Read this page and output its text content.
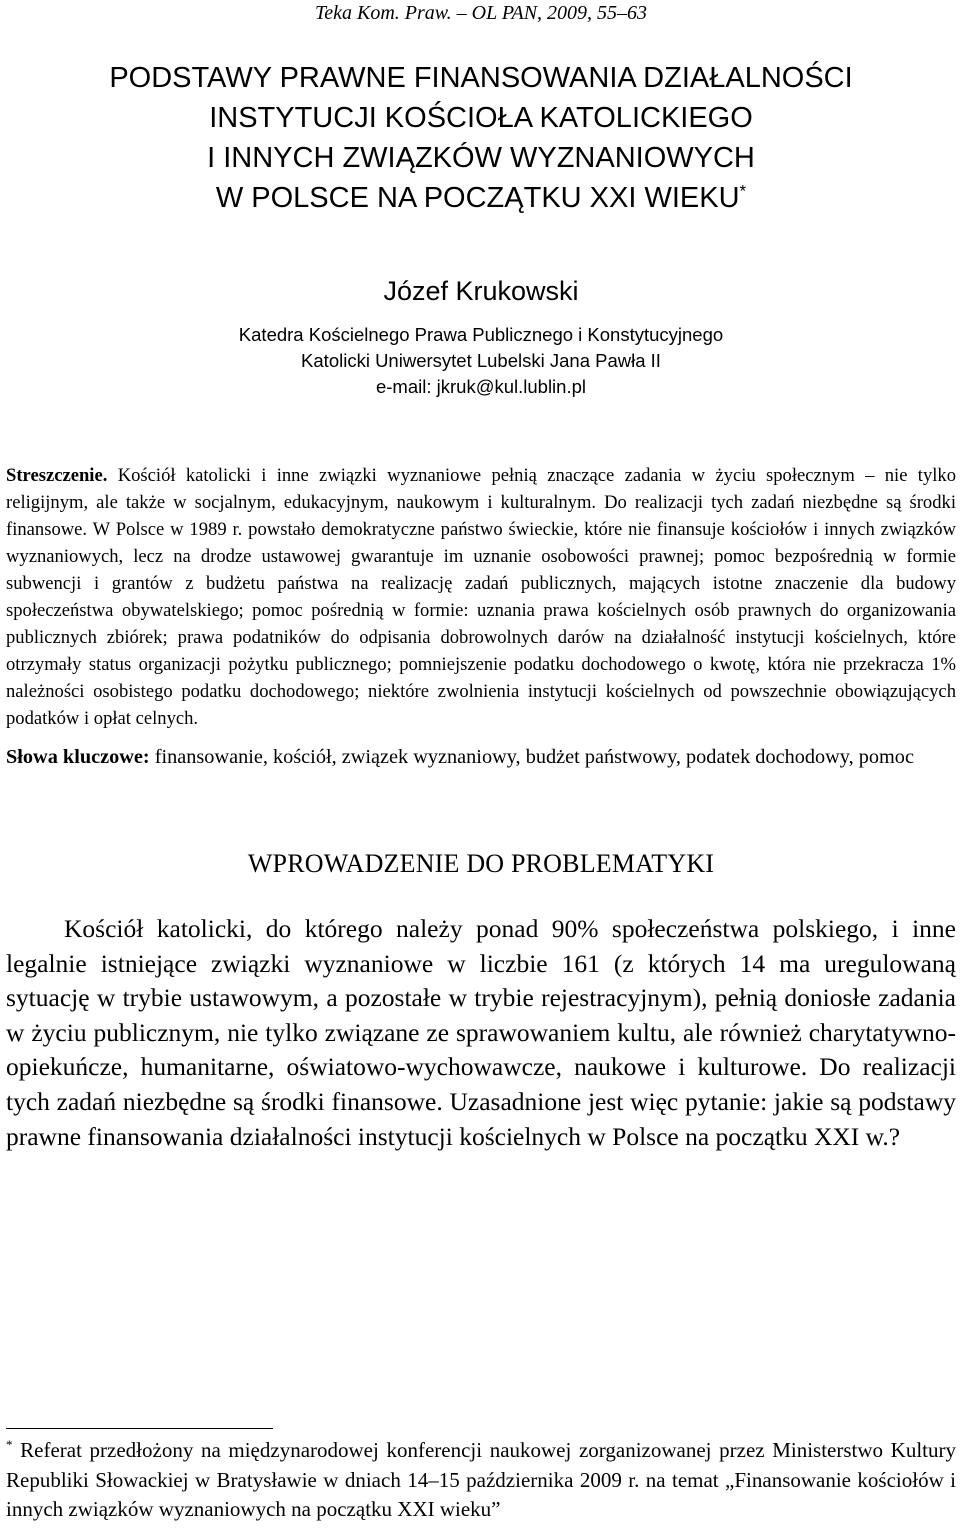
Teka Kom. Praw. – OL PAN, 2009, 55–63
PODSTAWY PRAWNE FINANSOWANIA DZIAŁALNOŚCI
INSTYTUCJI KOŚCIOŁA KATOLICKIEGO
I INNYCH ZWIĄZKÓW WYZNANIOWYCH
W POLSCE NA POCZĄTKU XXI WIEKU*
Józef Krukowski
Katedra Kościelnego Prawa Publicznego i Konstytucyjnego
Katolicki Uniwersytet Lubelski Jana Pawła II
e-mail: jkruk@kul.lublin.pl
Streszczenie. Kościół katolicki i inne związki wyznaniowe pełnią znaczące zadania w życiu społecznym – nie tylko religijnym, ale także w socjalnym, edukacyjnym, naukowym i kulturalnym. Do realizacji tych zadań niezbędne są środki finansowe. W Polsce w 1989 r. powstało demokratyczne państwo świeckie, które nie finansuje kościołów i innych związków wyznaniowych, lecz na drodze ustawowej gwarantuje im uznanie osobowości prawnej; pomoc bezpośrednią w formie subwencji i grantów z budżetu państwa na realizację zadań publicznych, mających istotne znaczenie dla budowy społeczeństwa obywatelskiego; pomoc pośrednią w formie: uznania prawa kościelnych osób prawnych do organizowania publicznych zbiórek; prawa podatników do odpisania dobrowolnych darów na działalność instytucji kościelnych, które otrzymały status organizacji pożytku publicznego; pomniejszenie podatku dochodowego o kwotę, która nie przekracza 1% należności osobistego podatku dochodowego; niektóre zwolnienia instytucji kościelnych od powszechnie obowiązujących podatków i opłat celnych.
Słowa kluczowe: finansowanie, kościół, związek wyznaniowy, budżet państwowy, podatek dochodowy, pomoc
WPROWADZENIE DO PROBLEMATYKI
Kościół katolicki, do którego należy ponad 90% społeczeństwa polskiego, i inne legalnie istniejące związki wyznaniowe w liczbie 161 (z których 14 ma uregulowaną sytuację w trybie ustawowym, a pozostałe w trybie rejestracyjnym), pełnią doniosłe zadania w życiu publicznym, nie tylko związane ze sprawowaniem kultu, ale również charytatywno-opiekuńcze, humanitarne, oświatowo-wychowawcze, naukowe i kulturowe. Do realizacji tych zadań niezbędne są środki finansowe. Uzasadnione jest więc pytanie: jakie są podstawy prawne finansowania działalności instytucji kościelnych w Polsce na początku XXI w.?
* Referat przedłożony na międzynarodowej konferencji naukowej zorganizowanej przez Ministerstwo Kultury Republiki Słowackiej w Bratysławie w dniach 14–15 października 2009 r. na temat „Finansowanie kościołów i innych związków wyznaniowych na początku XXI wieku”
